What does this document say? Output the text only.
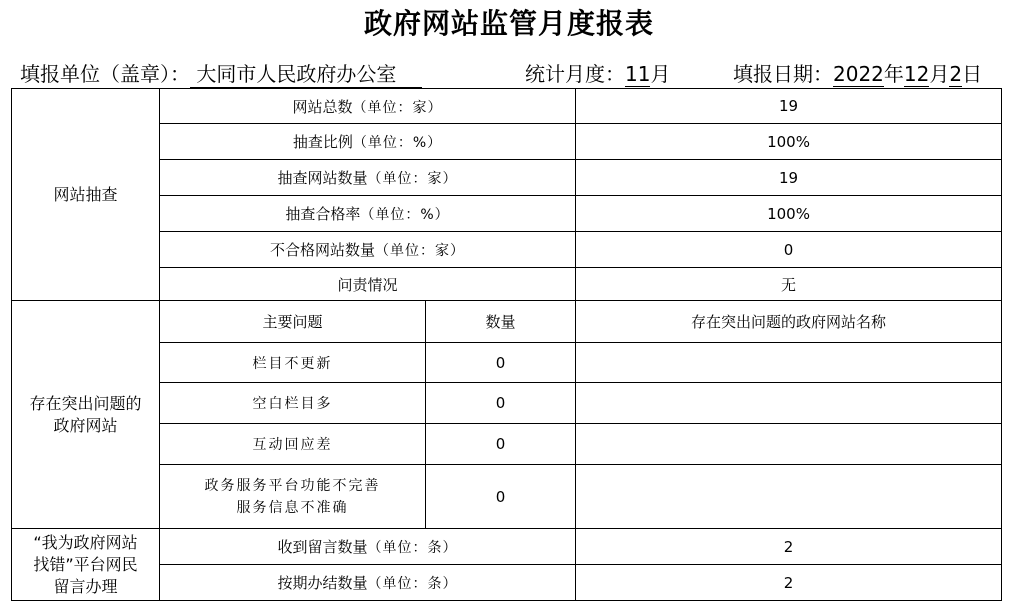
政府网站监管月度报表
填报单位（盖章）： 大同市人民政府办公室	统计月度：11月	填报日期：2022年12月2日
网站抽查	网站总数（单位：家）		19
	抽查比例（单位：%）		100%
	抽查网站数量（单位：家）		19
	抽查合格率（单位：%）		100%
	不合格网站数量（单位：家）		0
	问责情况		无
存在突出问题的
政府网站	主要问题	数量	存在突出问题的政府网站名称
	栏目不更新	0	
	空白栏目多	0	
	互动回应差	0	
	政务服务平台功能不完善
服务信息不准确	0	
“我为政府网站
找错”平台网民
留言办理	收到留言数量（单位：条）		2
	按期办结数量（单位：条）		2
